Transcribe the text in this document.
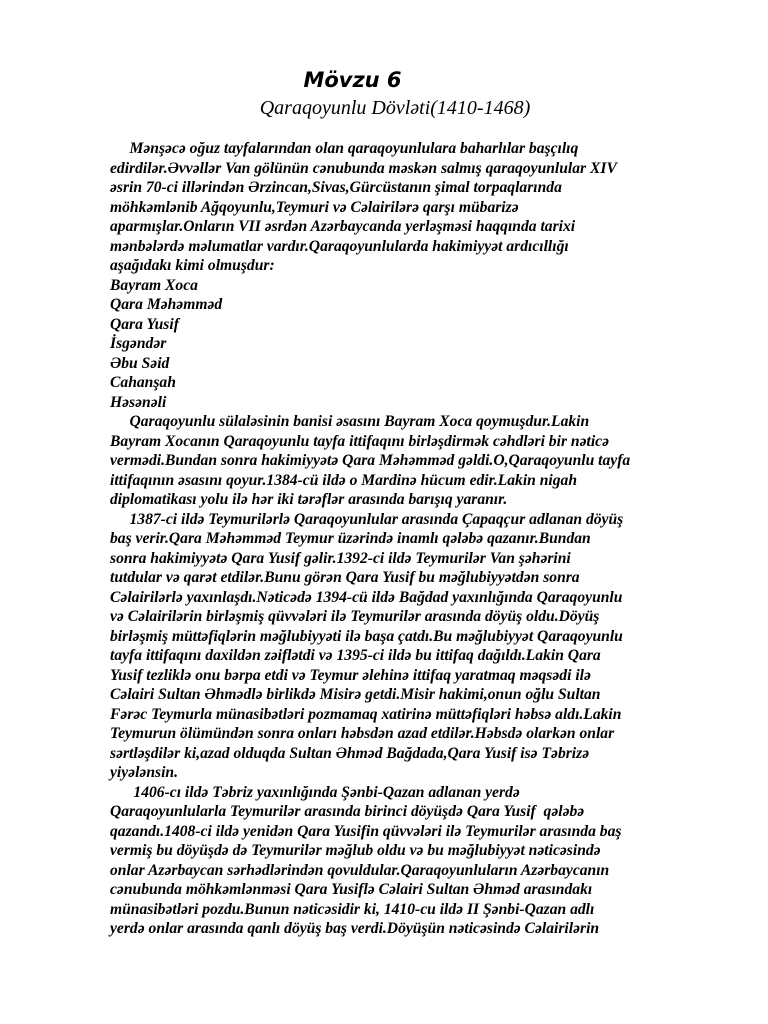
Mövzu 6
Qaraqoyunlu Dövləti(1410-1468)
Mənşəcə oğuz tayfalarından olan qaraqoyunlulara baharlılar başçılıq
edirdilər.Əvvəllər Van gölünün cənubunda məskən salmış qaraqoyunlular XIV
əsrin 70-ci illərindən Ərzincan,Sivas,Gürcüstanın şimal torpaqlarında
möhkəmlənib Ağqoyunlu,Teymuri və Cəlairilərə qarşı mübarizə
aparmışlar.Onların VII əsrdən Azərbaycanda yerləşməsi haqqında tarixi
mənbələrdə məlumatlar vardır.Qaraqoyunlularda hakimiyyət ardıcıllığı
aşağıdakı kimi olmuşdur:
Bayram Xoca
Qara Məhəmməd
Qara Yusif
İsgəndər
Əbu Səid
Cahanşah
Həsənəli
Qaraqoyunlu sülaləsinin banisi əsasını Bayram Xoca qoymuşdur.Lakin
Bayram Xocanın Qaraqoyunlu tayfa ittifaqını birləşdirmək cəhdləri bir nəticə
vermədi.Bundan sonra hakimiyyətə Qara Məhəmməd gəldi.O,Qaraqoyunlu tayfa
ittifaqının əsasını qoyur.1384-cü ildə o Mardinə hücum edir.Lakin nigah
diplomatikası yolu ilə hər iki tərəflər arasında barışıq yaranır.
1387-ci ildə Teymurilərlə Qaraqoyunlular arasında Çapaqçur adlanan döyüş
baş verir.Qara Məhəmməd Teymur üzərində inamlı qələbə qazanır.Bundan
sonra hakimiyyətə Qara Yusif gəlir.1392-ci ildə Teymurilər Van şəhərini
tutdular və qarət etdilər.Bunu görən Qara Yusif bu məğlubiyyətdən sonra
Cəlairilərlə yaxınlaşdı.Nəticədə 1394-cü ildə Bağdad yaxınlığında Qaraqoyunlu
və Cəlairilərin birləşmiş qüvvələri ilə Teymurilər arasında döyüş oldu.Döyüş
birləşmiş müttəfiqlərin məğlubiyyəti ilə başa çatdı.Bu məğlubiyyət Qaraqoyunlu
tayfa ittifaqını daxildən zəiflətdi və 1395-ci ildə bu ittifaq dağıldı.Lakin Qara
Yusif tezliklə onu bərpa etdi və Teymur əlehinə ittifaq yaratmaq məqsədi ilə
Cəlairi Sultan Əhmədlə birlikdə Misirə getdi.Misir hakimi,onun oğlu Sultan
Fərəc Teymurla münasibətləri pozmamaq xatirinə müttəfiqləri həbsə aldı.Lakin
Teymurun ölümündən sonra onları həbsdən azad etdilər.Həbsdə olarkən onlar
sərtləşdilər ki,azad olduqda Sultan Əhməd Bağdada,Qara Yusif isə Təbrizə
yiyələnsin.
1406-cı ildə Təbriz yaxınlığında Şənbi-Qazan adlanan yerdə
Qaraqoyunlularla Teymurilər arasında birinci döyüşdə Qara Yusif  qələbə
qazandı.1408-ci ildə yenidən Qara Yusifin qüvvələri ilə Teymurilər arasında baş
vermiş bu döyüşdə də Teymurilər məğlub oldu və bu məğlubiyyət nəticəsində
onlar Azərbaycan sərhədlərindən qovuldular.Qaraqoyunluların Azərbaycanın
cənubunda möhkəmlənməsi Qara Yusiflə Cəlairi Sultan Əhməd arasındakı
münasibətləri pozdu.Bunun nəticəsidir ki, 1410-cu ildə II Şənbi-Qazan adlı
yerdə onlar arasında qanlı döyüş baş verdi.Döyüşün nəticəsində Cəlairilərin
